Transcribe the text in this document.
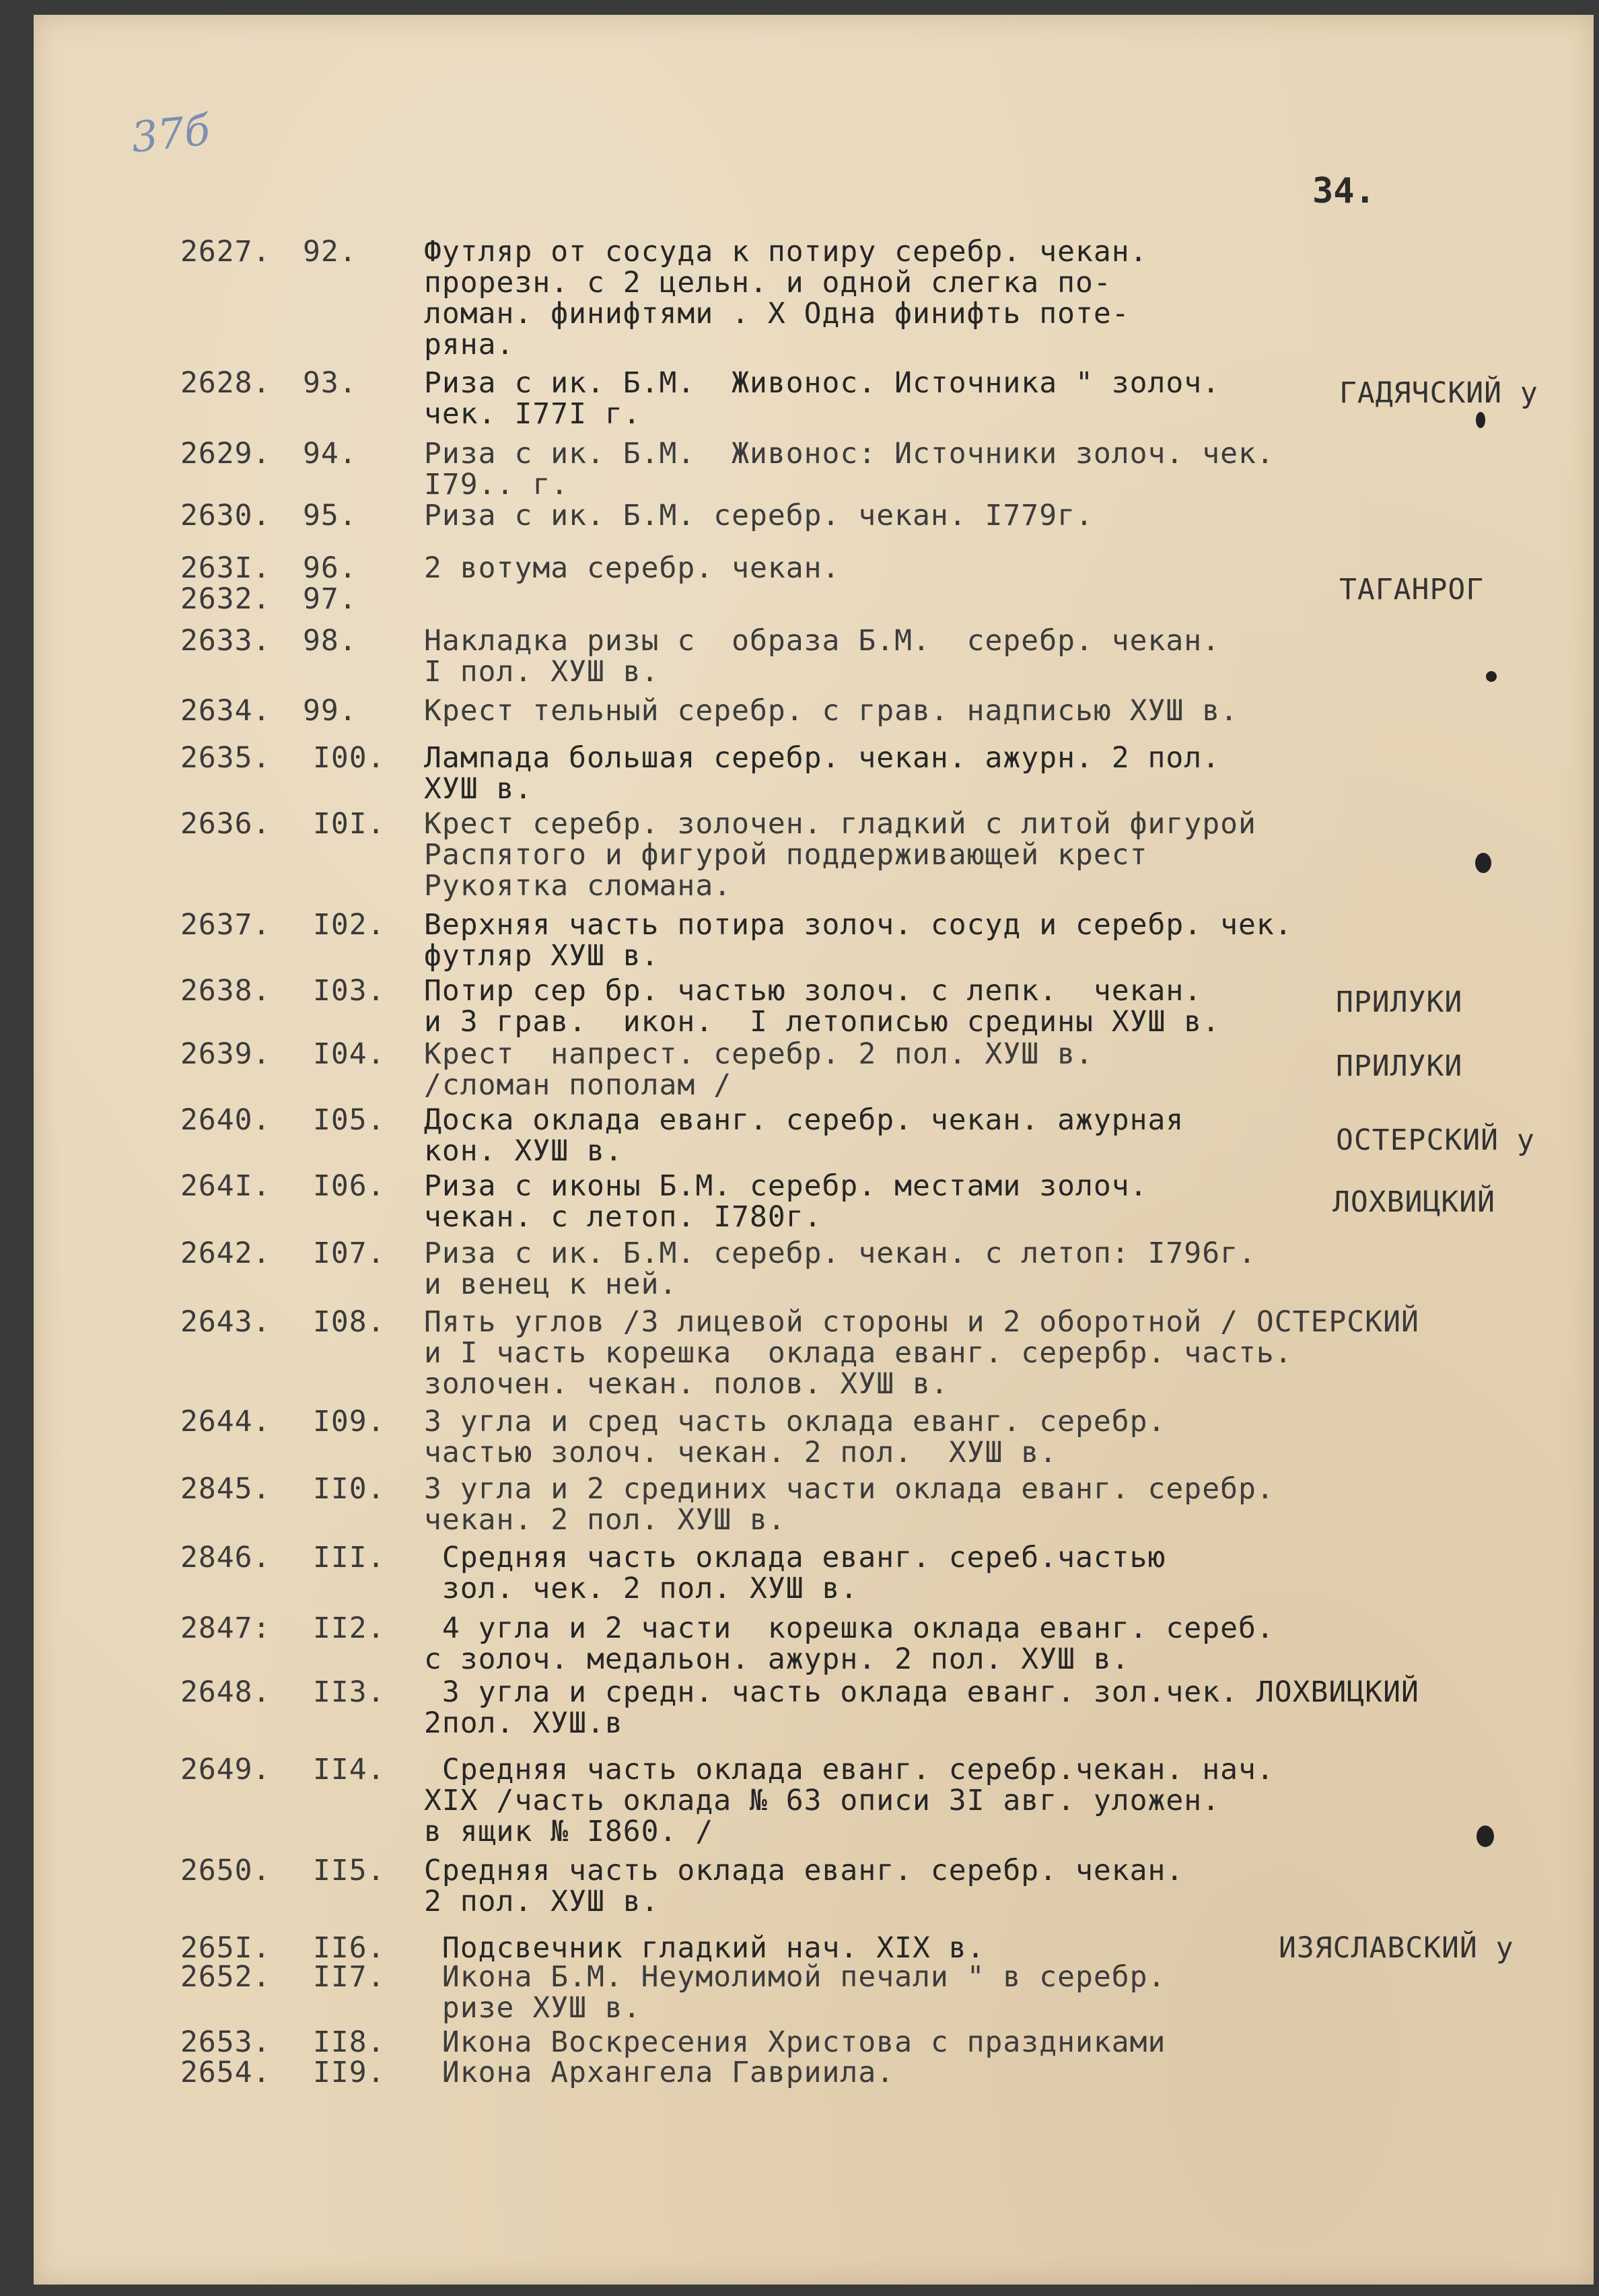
37б
34.
2627. 92. Футляр от сосуда к потиру серебр. чекан.
прорезн. с 2 цельн. и одной слегка по-
ломан. финифтями . Х Одна финифть поте-
ряна.
2628. 93. Риза с ик. Б.М.  Живонос. Источника " золоч.
чек. І77І г.
ГАДЯЧСКИЙ у
2629. 94. Риза с ик. Б.М.  Живонос: Источники золоч. чек.
І79.. г.
2630. 95. Риза с ик. Б.М. серебр. чекан. І779г.
263І. 96. 2 вотума серебр. чекан.
ТАГАНРОГ
2632. 97.
2633. 98. Накладка ризы с  образа Б.М.  серебр. чекан.
І пол. ХУШ в.
2634. 99. Крест тельный серебр. с грав. надписью ХУШ в.
2635. І00. Лампада большая серебр. чекан. ажурн. 2 пол.
ХУШ в.
2636. І0І. Крест серебр. золочен. гладкий с литой фигурой
Распятого и фигурой поддерживающей крест
Рукоятка сломана.
2637. І02. Верхняя часть потира золоч. сосуд и серебр. чек.
футляр ХУШ в.
2638. І03. Потир сер бр. частью золоч. с лепк.  чекан.
и 3 грав.  икон.  І летописью средины ХУШ в.
ПРИЛУКИ
2639. І04. Крест  напрест. серебр. 2 пол. ХУШ в.
/сломан пополам /
ПРИЛУКИ
2640. І05. Доска оклада еванг. серебр. чекан. ажурная
кон. ХУШ в.	ОСТЕРСКИЙ у
264І. І06. Риза с иконы Б.М. серебр. местами золоч.
чекан. с летоп. І780г.	ЛОХВИЦКИЙ
2642. І07. Риза с ик. Б.М. серебр. чекан. с летоп: І796г.
и венец к ней.
2643. І08. Пять углов /3 лицевой стороны и 2 оборотной / ОСТЕРСКИЙ
и І часть корешка  оклада еванг. серербр. часть.
золочен. чекан. полов. ХУШ в.
2644. І09. 3 угла и сред часть оклада еванг. серебр.
частью золоч. чекан. 2 пол.  ХУШ в.
2845. ІІ0. 3 угла и 2 срединих части оклада еванг. серебр.
чекан. 2 пол. ХУШ в.
2846. ІІІ. Средняя часть оклада еванг. сереб.частью
зол. чек. 2 пол. ХУШ в.
2847: ІІ2. 4 угла и 2 части  корешка оклада еванг. сереб.
с золоч. медальон. ажурн. 2 пол. ХУШ в.
2648. ІІ3. 3 угла и средн. часть оклада еванг. зол.чек. ЛОХВИЦКИЙ
2пол. ХУШ.в
2649. ІІ4. Средняя часть оклада еванг. серебр.чекан. нач.
ХІХ /часть оклада № 63 описи 3І авг. уложен.
в ящик № І860. /
2650. ІІ5. Средняя часть оклада еванг. серебр. чекан.
2 пол. ХУШ в.
265І. ІІ6. Подсвечник гладкий нач. ХІХ в.	ИЗЯСЛАВСКИЙ у
2652. ІІ7. Икона Б.М. Неумолимой печали " в серебр.
ризе ХУШ в.
2653. ІІ8. Икона Воскресения Христова с праздниками
2654. ІІ9. Икона Архангела Гавриила.
